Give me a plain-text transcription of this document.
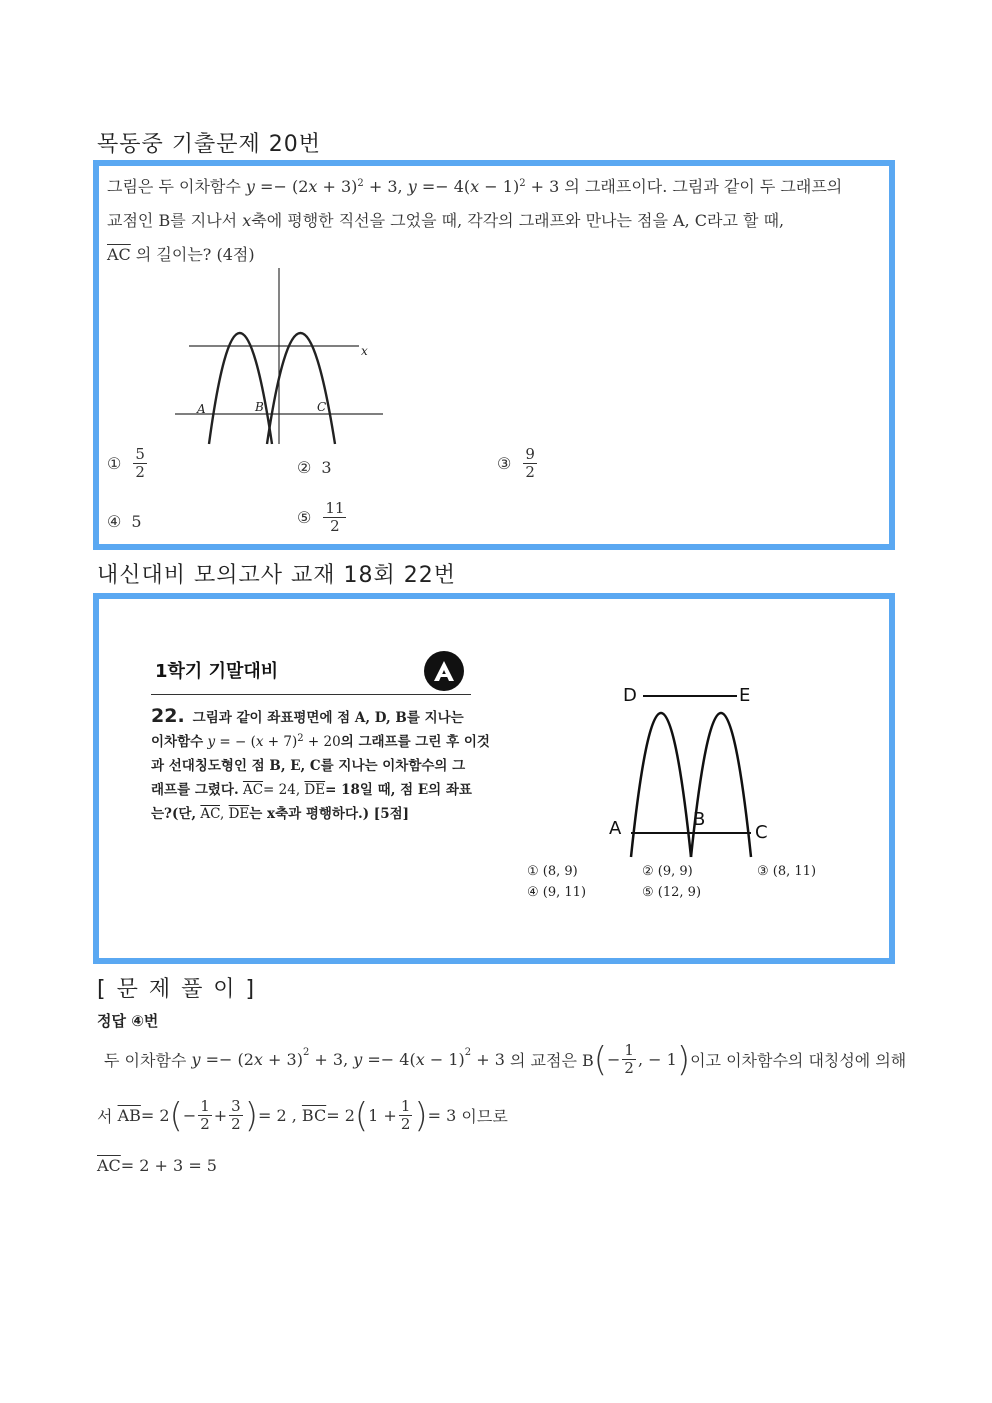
목동중 기출문제 20번
그림은 두 이차함수 $y =- (2x + 3)^2 + 3$, $y =- 4(x - 1)^2 + 3$ 의 그래프이다. 그림과 같이 두 그래프의
교점인 B를 지나서 x축에 평행한 직선을 그었을 때, 각각의 그래프와 만나는 점을 A, C라고 할 때,
$\overline{AC}$ 의 길이는? (4점)
x
A	B	C
① $\frac{5}{2}$	② 3	③ $\frac{9}{2}$
④ 5	⑤ $\frac{11}{2}$
내신대비 모의고사 교재 18회 22번
1학기 기말대비
22. 그림과 같이 좌표평면에 점 A, D, B를 지나는
이차함수 y = − $(x + 7)^2 + 20$의 그래프를 그린 후 이것
과 선대칭도형인 점 B, E, C를 지나는 이차함수의 그
래프를 그렸다. $\overline{AC}= 24$, $\overline{DE}= 18$일 때, 점 E의 좌표
는?(단, $\overline{AC}$, $\overline{DE}$는 x축과 평행하다.) [5점]
D	E
A	B
C
① (8, 9)	② (9, 9)	③ (8, 11)
④ (9, 11)	⑤ (12, 9)
[ 문 제 풀 이 ]
정답 ④번
두 이차함수
$y =- (2x + 3)^2 + 3$, $y =- 4(x - 1)^2 + 3$
의 교점은 B ( − $\frac{1}{2}$ , − 1 ) 이고 이차함수의 대칭성에 의해
서
$\overline{AB} = 2$ ( − $\frac{1}{2} + \frac{3}{2}$ ) = 2 , $\overline{BC} = 2$ ( $1 + \frac{1}{2}$ ) = 3 이므로
$\overline{AC} = 2 + 3 = 5$
